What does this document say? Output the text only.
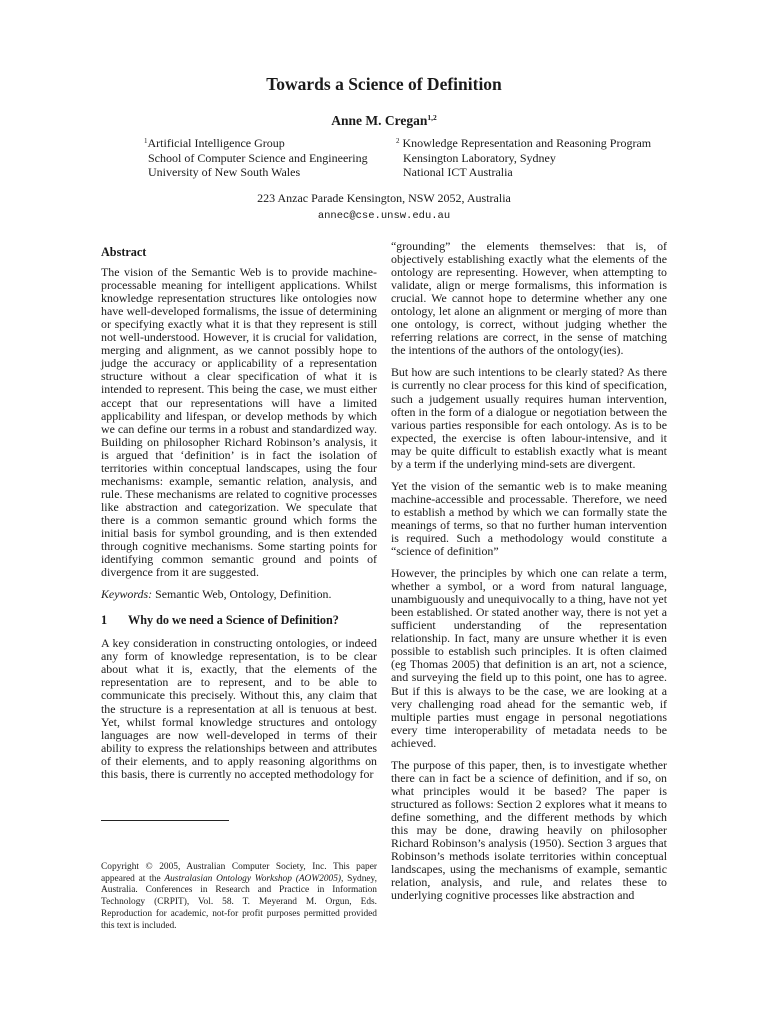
Towards a Science of Definition
Anne M. Cregan$^{1,2}$
$^1$Artificial Intelligence Group
School of Computer Science and Engineering
University of New South Wales
$^2$ Knowledge Representation and Reasoning Program
Kensington Laboratory, Sydney
National ICT Australia
223 Anzac Parade Kensington, NSW 2052, Australia
annec@cse.unsw.edu.au
Abstract

The vision of the Semantic Web is to provide machine-processable meaning for intelligent applications. Whilst knowledge representation structures like ontologies now have well-developed formalisms, the issue of determining or specifying exactly what it is that they represent is still not well-understood. However, it is crucial for validation, merging and alignment, as we cannot possibly hope to judge the accuracy or applicability of a representation structure without a clear specification of what it is intended to represent. This being the case, we must either accept that our representations will have a limited applicability and lifespan, or develop methods by which we can define our terms in a robust and standardized way. Building on philosopher Richard Robinson’s analysis, it is argued that ‘definition’ is in fact the isolation of territories within conceptual landscapes, using the four mechanisms: example, semantic relation, analysis, and rule. These mechanisms are related to cognitive processes like abstraction and categorization. We speculate that there is a common semantic ground which forms the initial basis for symbol grounding, and is then extended through cognitive mechanisms. Some starting points for identifying common semantic ground and points of divergence from it are suggested.

Keywords: Semantic Web, Ontology, Definition.
1 Why do we need a Science of Definition?

A key consideration in constructing ontologies, or indeed any form of knowledge representation, is to be clear about what it is, exactly, that the elements of the representation are to represent, and to be able to communicate this precisely. Without this, any claim that the structure is a representation at all is tenuous at best. Yet, whilst formal knowledge structures and ontology languages are now well-developed in terms of their ability to express the relationships between and attributes of their elements, and to apply reasoning algorithms on this basis, there is currently no accepted methodology for

Copyright © 2005, Australian Computer Society, Inc. This paper appeared at the Australasian Ontology Workshop (AOW2005), Sydney, Australia. Conferences in Research and Practice in Information Technology (CRPIT), Vol. 58. T. Meyerand M. Orgun, Eds. Reproduction for academic, not-for profit purposes permitted provided this text is included.

“grounding” the elements themselves: that is, of objectively establishing exactly what the elements of the ontology are representing. However, when attempting to validate, align or merge formalisms, this information is crucial. We cannot hope to determine whether any one ontology, let alone an alignment or merging of more than one ontology, is correct, without judging whether the referring relations are correct, in the sense of matching the intentions of the authors of the ontology(ies).

But how are such intentions to be clearly stated? As there is currently no clear process for this kind of specification, such a judgement usually requires human intervention, often in the form of a dialogue or negotiation between the various parties responsible for each ontology. As is to be expected, the exercise is often labour-intensive, and it may be quite difficult to establish exactly what is meant by a term if the underlying mind-sets are divergent.

Yet the vision of the semantic web is to make meaning machine-accessible and processable. Therefore, we need to establish a method by which we can formally state the meanings of terms, so that no further human intervention is required. Such a methodology would constitute a “science of definition”

However, the principles by which one can relate a term, whether a symbol, or a word from natural language, unambiguously and unequivocally to a thing, have not yet been established. Or stated another way, there is not yet a sufficient understanding of the representation relationship. In fact, many are unsure whether it is even possible to establish such principles. It is often claimed (eg Thomas 2005) that definition is an art, not a science, and surveying the field up to this point, one has to agree. But if this is always to be the case, we are looking at a very challenging road ahead for the semantic web, if multiple parties must engage in personal negotiations every time interoperability of metadata needs to be achieved.

The purpose of this paper, then, is to investigate whether there can in fact be a science of definition, and if so, on what principles would it be based? The paper is structured as follows: Section 2 explores what it means to define something, and the different methods by which this may be done, drawing heavily on philosopher Richard Robinson’s analysis (1950). Section 3 argues that Robinson’s methods isolate territories within conceptual landscapes, using the mechanisms of example, semantic relation, analysis, and rule, and relates these to underlying cognitive processes like abstraction and
